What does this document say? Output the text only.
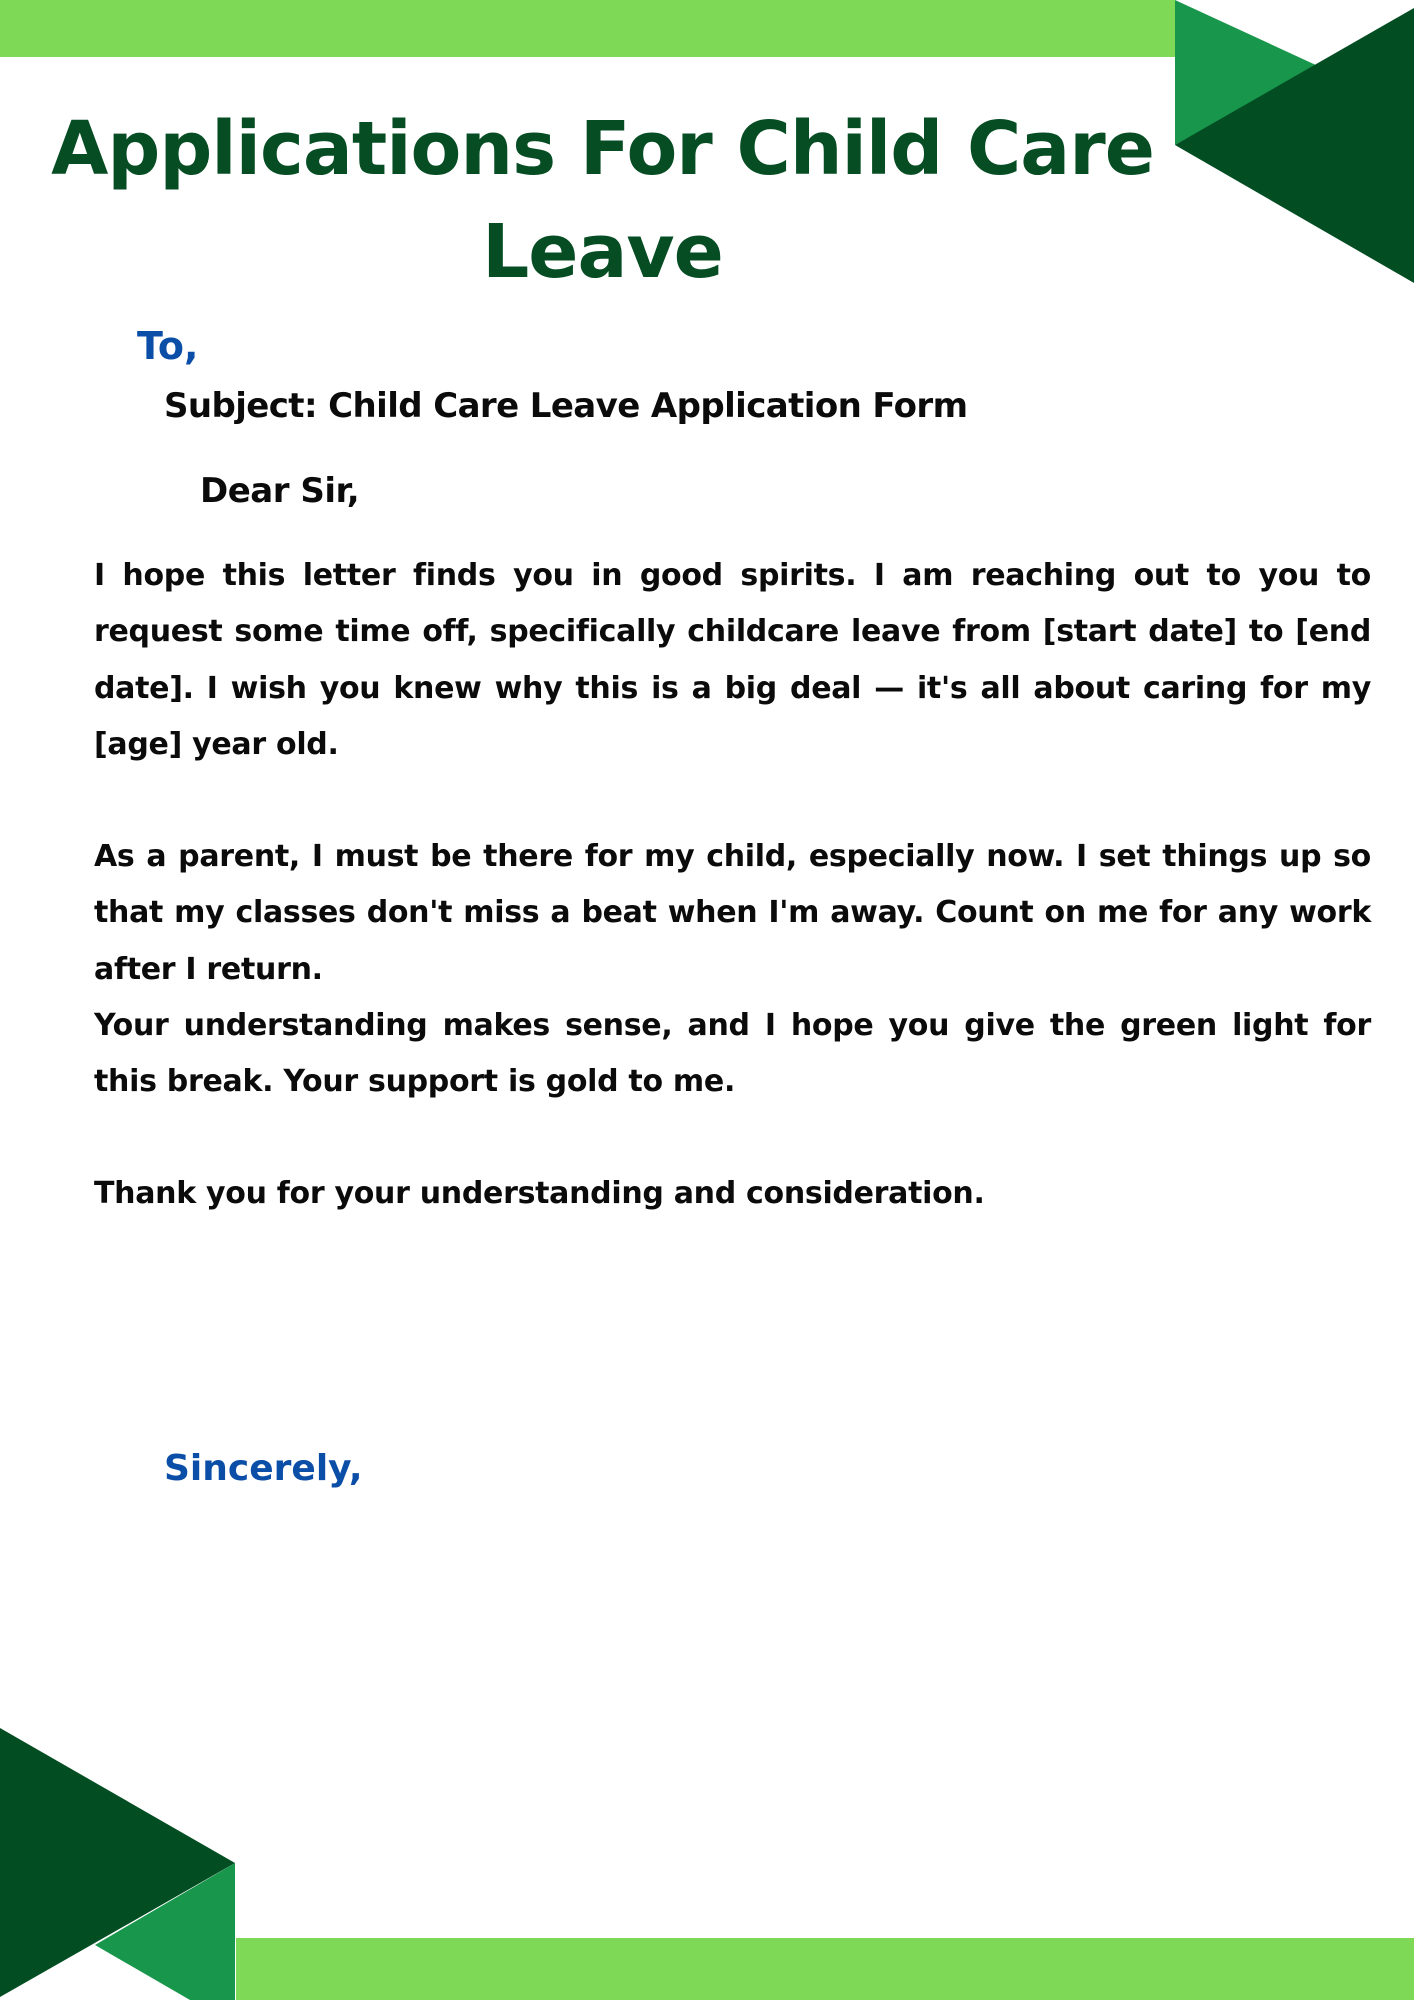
Applications For Child Care Leave
To,
Subject: Child Care Leave Application Form
Dear Sir,

I hope this letter finds you in good spirits. I am reaching out to you to request some time off, specifically childcare leave from [start date] to [end date]. I wish you knew why this is a big deal — it's all about caring for my [age] year old.

As a parent, I must be there for my child, especially now. I set things up so that my classes don't miss a beat when I'm away. Count on me for any work after I return.
Your understanding makes sense, and I hope you give the green light for this break. Your support is gold to me.

Thank you for your understanding and consideration.

Sincerely,
